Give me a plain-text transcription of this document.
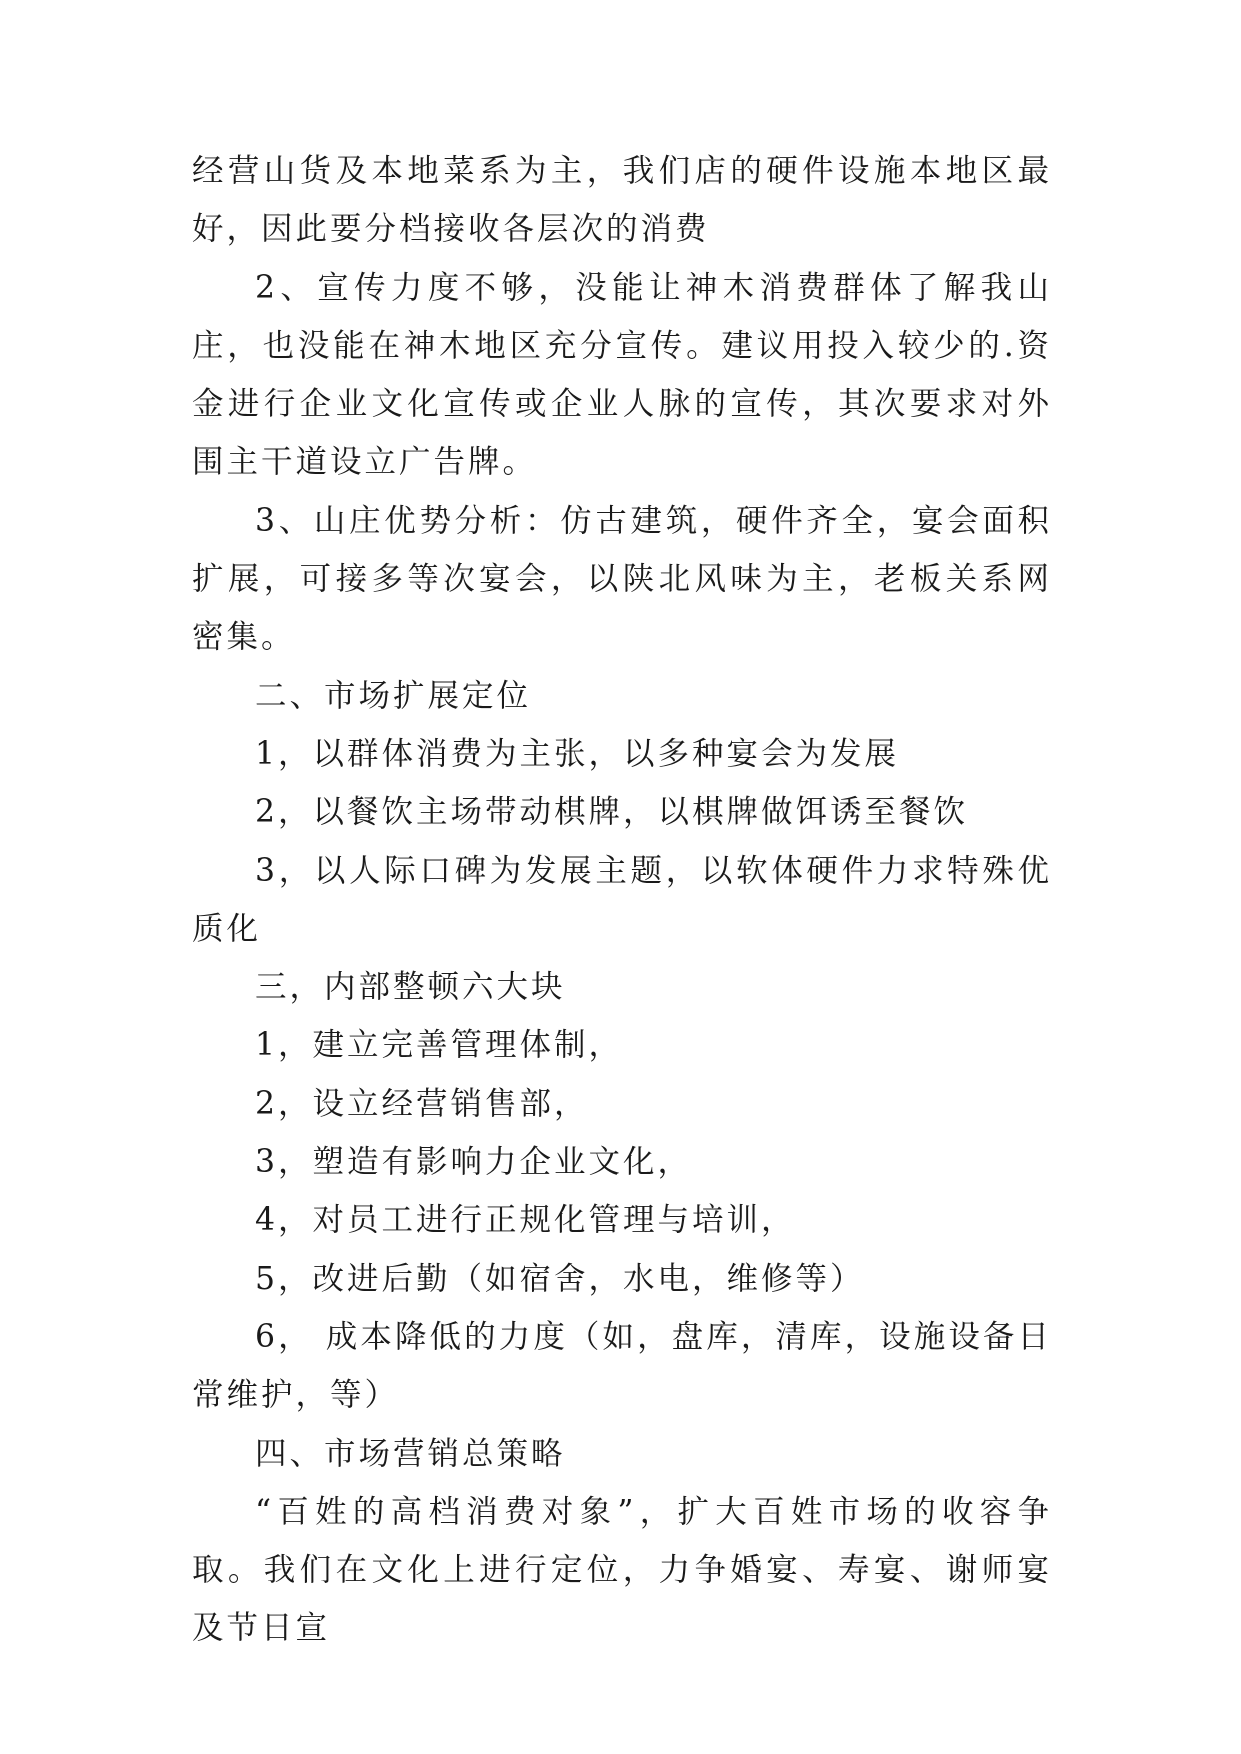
经营山货及本地菜系为主，我们店的硬件设施本地区最好，因此要分档接收各层次的消费

2、宣传力度不够，没能让神木消费群体了解我山庄，也没能在神木地区充分宣传。建议用投入较少的.资金进行企业文化宣传或企业人脉的宣传，其次要求对外围主干道设立广告牌。

3、山庄优势分析：仿古建筑，硬件齐全，宴会面积扩展，可接多等次宴会，以陕北风味为主，老板关系网密集。

二、市场扩展定位

1，以群体消费为主张，以多种宴会为发展

2，以餐饮主场带动棋牌，以棋牌做饵诱至餐饮

3，以人际口碑为发展主题，以软体硬件力求特殊优质化

三，内部整顿六大块

1，建立完善管理体制，

2，设立经营销售部，

3，塑造有影响力企业文化，

4，对员工进行正规化管理与培训，

5，改进后勤（如宿舍，水电，维修等）

6， 成本降低的力度（如，盘库，清库，设施设备日常维护，等）

四、市场营销总策略

“百姓的高档消费对象”，扩大百姓市场的收容争取。我们在文化上进行定位，力争婚宴、寿宴、谢师宴及节日宣
